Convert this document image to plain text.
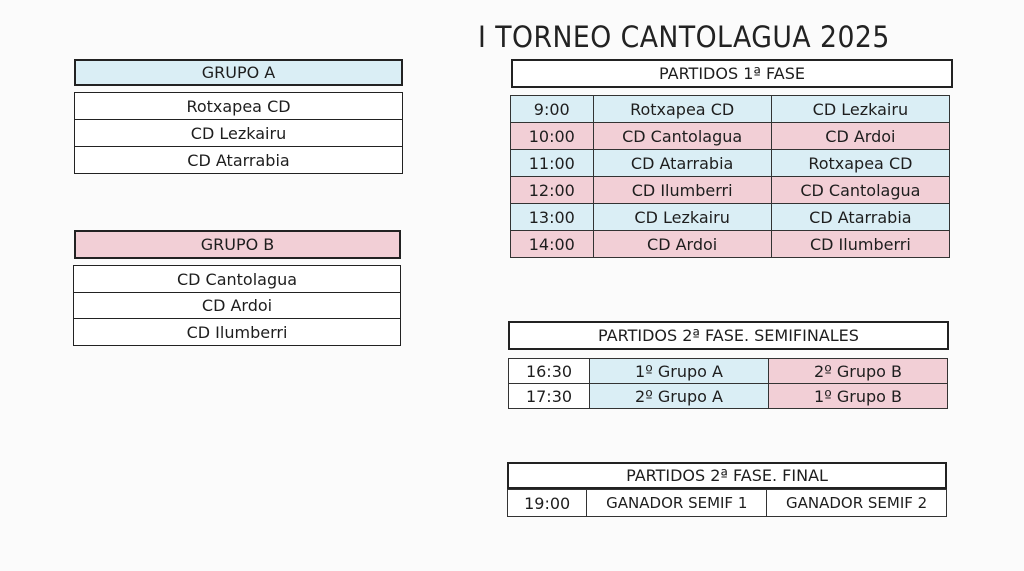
I TORNEO CANTOLAGUA 2025
GRUPO A
Rotxapea CD
CD Lezkairu
CD Atarrabia
GRUPO B
CD Cantolagua
CD Ardoi
CD Ilumberri
PARTIDOS 1ª FASE
9:00	Rotxapea CD	CD Lezkairu
10:00	CD Cantolagua	CD Ardoi
11:00	CD Atarrabia	Rotxapea CD
12:00	CD Ilumberri	CD Cantolagua
13:00	CD Lezkairu	CD Atarrabia
14:00	CD Ardoi	CD Ilumberri
PARTIDOS 2ª FASE. SEMIFINALES
16:30	1º Grupo A	2º Grupo B
17:30	2º Grupo A	1º Grupo B
PARTIDOS 2ª FASE. FINAL
19:00	GANADOR SEMIF 1	GANADOR SEMIF 2
